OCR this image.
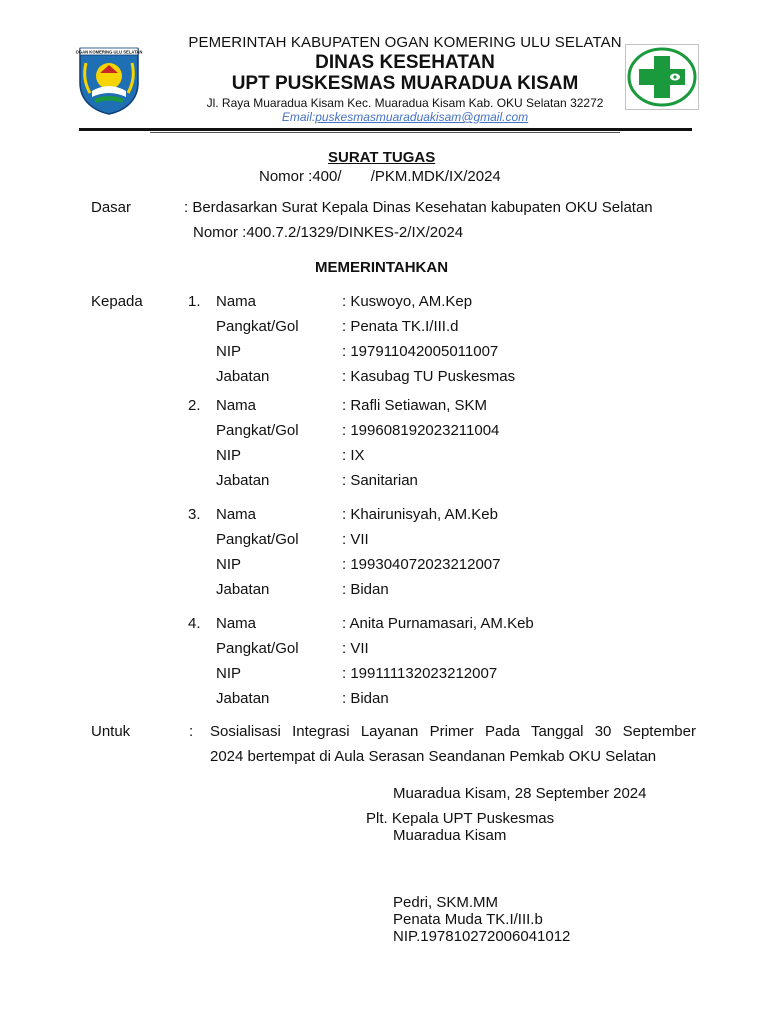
OGAN KOMERING ULU SELATAN
PEMERINTAH KABUPATEN OGAN KOMERING ULU SELATAN
DINAS KESEHATAN
UPT PUSKESMAS MUARADUA KISAM
Jl. Raya Muaradua Kisam Kec. Muaradua Kisam Kab. OKU Selatan 32272
Email:puskesmasmuaraduakisam@gmail.com
SURAT TUGAS
Nomor :400/       /PKM.MDK/IX/2024
Dasar	: Berdasarkan Surat Kepala Dinas Kesehatan kabupaten OKU Selatan
Nomor :400.7.2/1329/DINKES-2/IX/2024
MEMERINTAHKAN
Kepada	1. Nama	: Kuswoyo, AM.Kep
Pangkat/Gol	: Penata TK.I/III.d
NIP	: 197911042005011007
Jabatan	: Kasubag TU Puskesmas
2. Nama	: Rafli Setiawan, SKM
Pangkat/Gol	: 199608192023211004
NIP	: IX
Jabatan	: Sanitarian
3. Nama	: Khairunisyah, AM.Keb
Pangkat/Gol	: VII
NIP	: 199304072023212007
Jabatan	: Bidan
4. Nama	: Anita Purnamasari, AM.Keb
Pangkat/Gol	: VII
NIP	: 199111132023212007
Jabatan	: Bidan
Untuk	: Sosialisasi Integrasi Layanan Primer Pada Tanggal 30 September
2024 bertempat di Aula Serasan Seandanan Pemkab OKU Selatan
Muaradua Kisam, 28 September 2024
Plt. Kepala UPT Puskesmas
Muaradua Kisam
Pedri, SKM.MM
Penata Muda TK.I/III.b
NIP.197810272006041012
